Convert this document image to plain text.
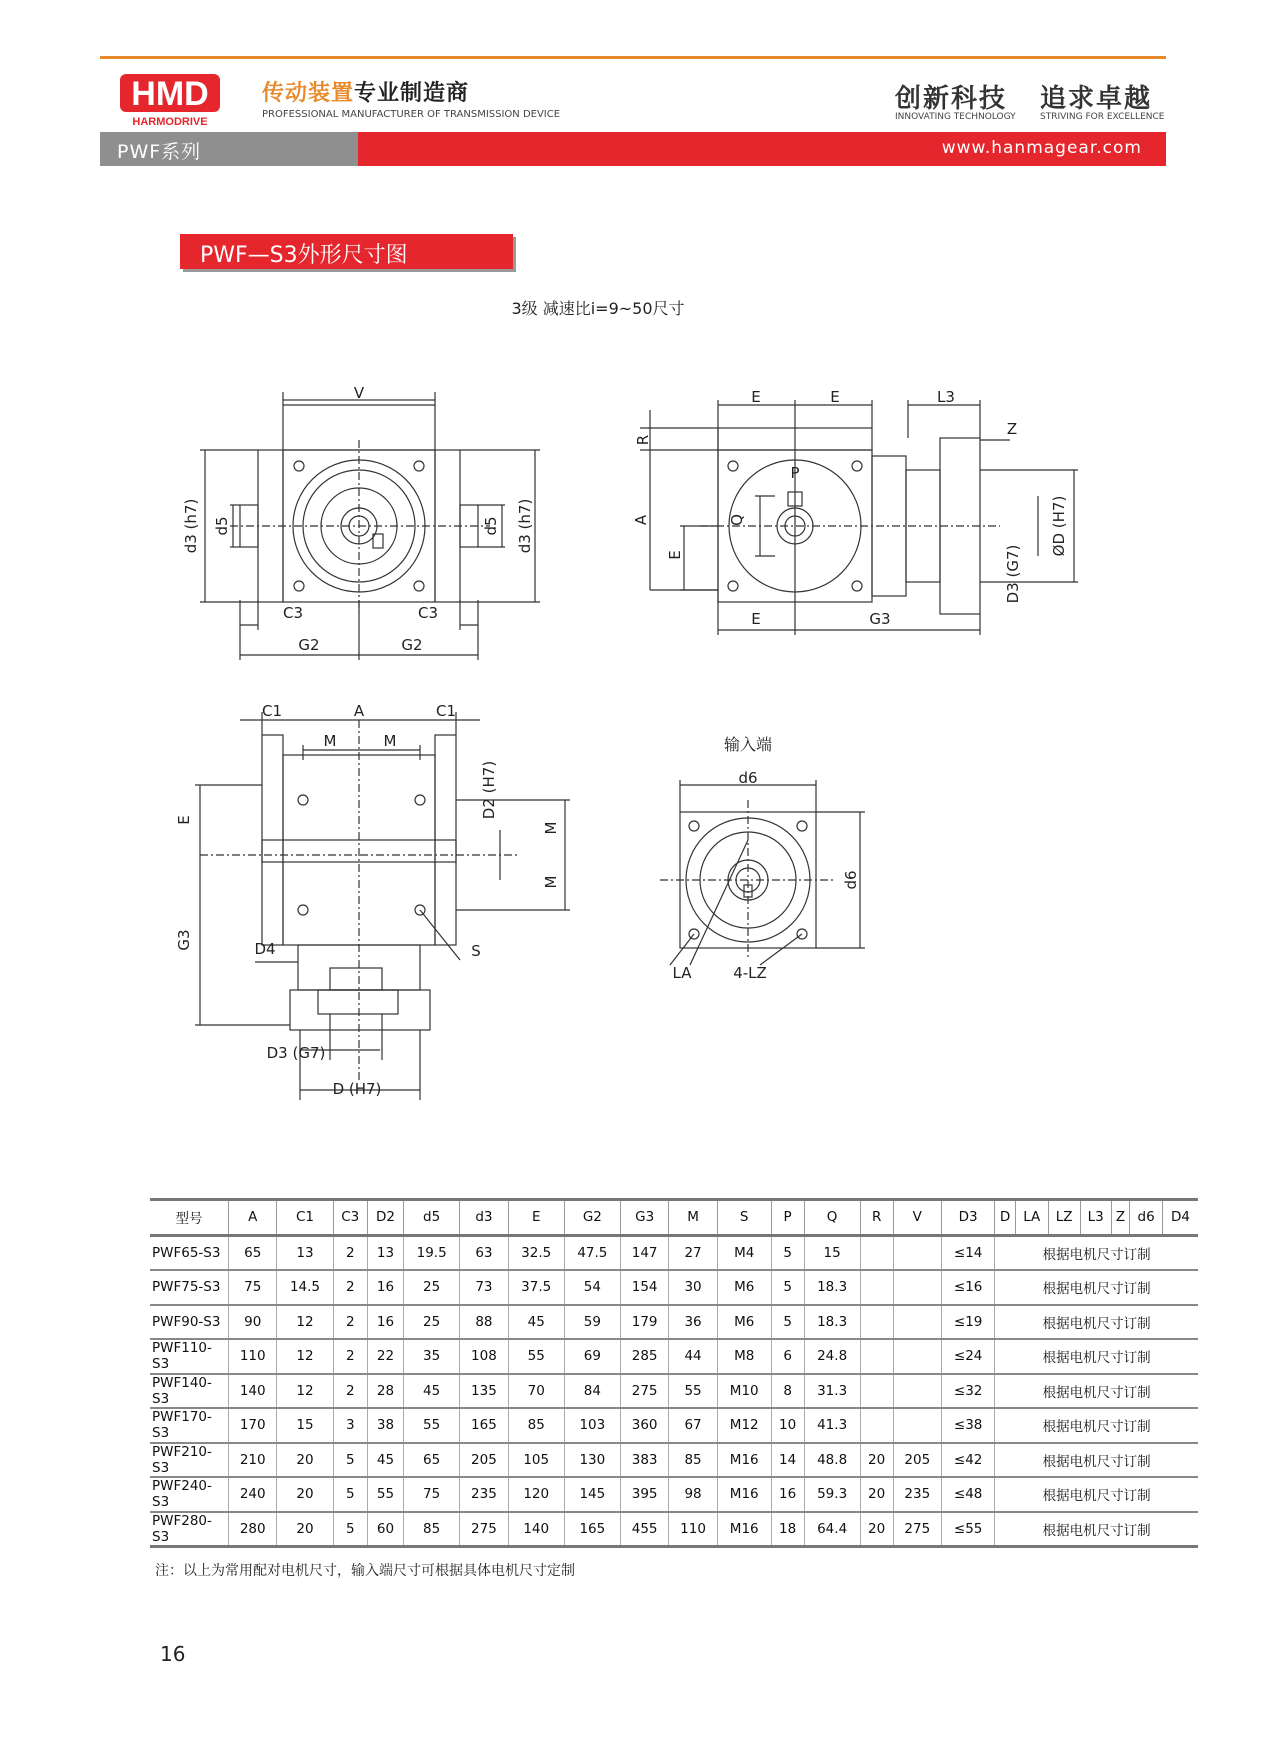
HMD
HARMODRIVE
传动装置专业制造商
PROFESSIONAL MANUFACTURER OF TRANSMISSION DEVICE
创新科技
INNOVATING TECHNOLOGY
追求卓越
STRIVING FOR EXCELLENCE
PWF系列	www.hanmagear.com
PWF—S3外形尺寸图
3级 减速比i=9~50尺寸
V
d3 (h7) d5	d5 d3 (h7)
C3	C3
G2	G2
E	E	L3
Z
R
A
E
P
Q	ØD (H7)
D3 (G7)
E	G3
C1	A	C1
M	M
D2 (H7)
M
M
E
G3	D4	S
D3 (G7)
D (H7)
输入端
d6
d6
LA	4-LZ
型号	A	C1	C3	D2	d5	d3	E	G2	G3	M	S	P	Q	R	V	D3	D	LA	LZ	L3	Z	d6	D4
PWF65-S3	65	13	2	13	19.5	63	32.5	47.5	147	27	M4	5	15			≤14	根据电机尺寸订制						
PWF75-S3	75	14.5	2	16	25	73	37.5	54	154	30	M6	5	18.3			≤16	根据电机尺寸订制						
PWF90-S3	90	12	2	16	25	88	45	59	179	36	M6	5	18.3			≤19	根据电机尺寸订制						
PWF110-S3	110	12	2	22	35	108	55	69	285	44	M8	6	24.8			≤24	根据电机尺寸订制						
PWF140-S3	140	12	2	28	45	135	70	84	275	55	M10	8	31.3			≤32	根据电机尺寸订制						
PWF170-S3	170	15	3	38	55	165	85	103	360	67	M12	10	41.3			≤38	根据电机尺寸订制						
PWF210-S3	210	20	5	45	65	205	105	130	383	85	M16	14	48.8	20	205	≤42	根据电机尺寸订制						
PWF240-S3	240	20	5	55	75	235	120	145	395	98	M16	16	59.3	20	235	≤48	根据电机尺寸订制						
PWF280-S3	280	20	5	60	85	275	140	165	455	110	M16	18	64.4	20	275	≤55	根据电机尺寸订制						
注：以上为常用配对电机尺寸，输入端尺寸可根据具体电机尺寸定制
16
